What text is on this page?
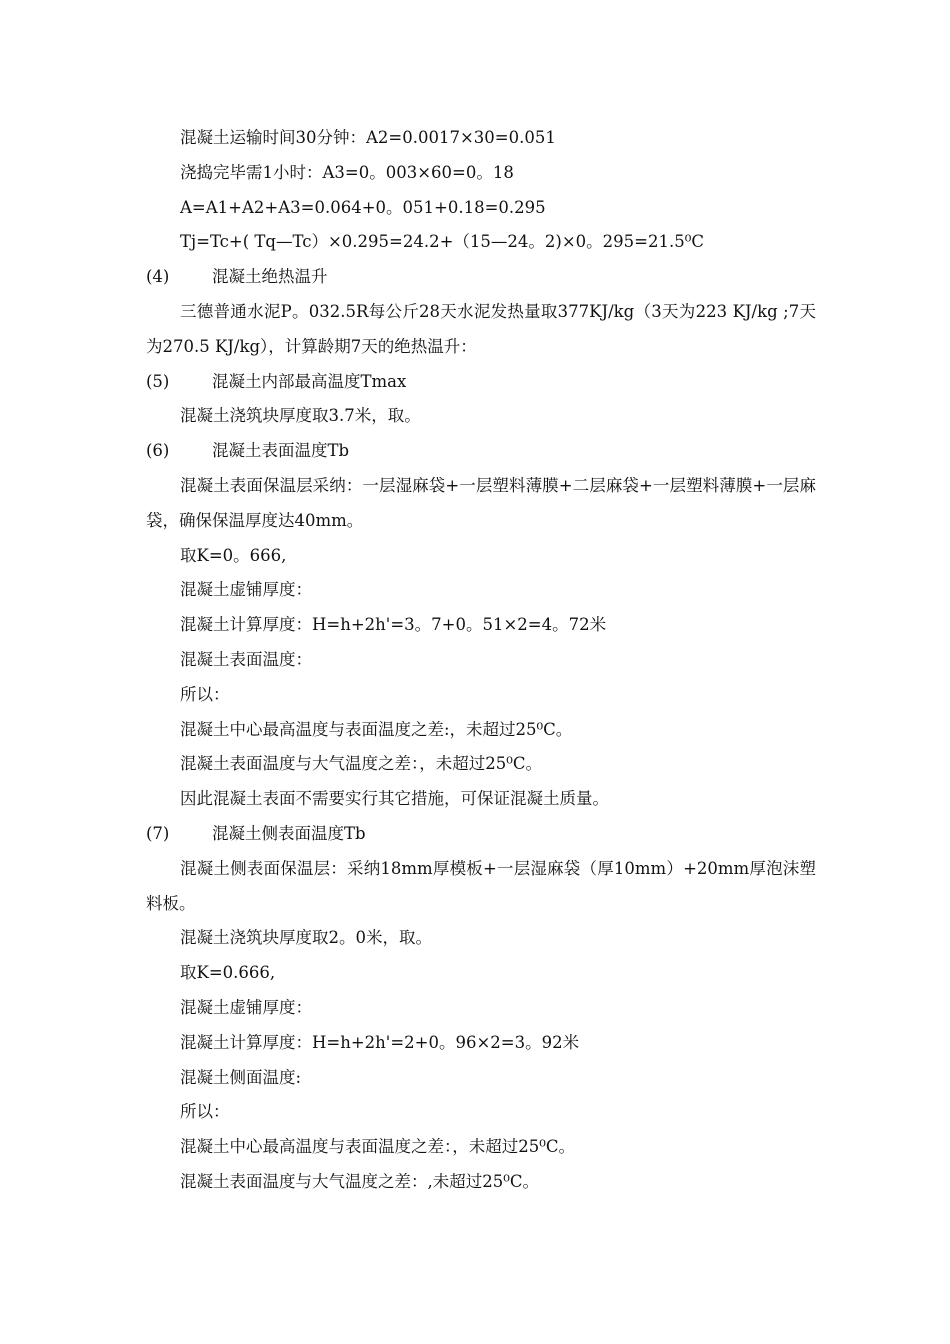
混凝土运输时间30分钟：A2=0.0017×30=0.051
浇捣完毕需1小时：A3=0。003×60=0。18
A=A1+A2+A3=0.064+0。051+0.18=0.295
Tj=Tc+( Tq—Tc）×0.295=24.2+（15—24。2)×0。295=21.5⁰C
(4)	混凝土绝热温升
三德普通水泥P。032.5R每公斤28天水泥发热量取377KJ/kg（3天为223 KJ/kg ;7天为270.5 KJ/kg），计算龄期7天的绝热温升：
(5)	混凝土内部最高温度Tmax
混凝土浇筑块厚度取3.7米，取。
(6)	混凝土表面温度Tb
混凝土表面保温层采纳：一层湿麻袋+一层塑料薄膜+二层麻袋+一层塑料薄膜+一层麻袋，确保保温厚度达40mm。
取K=0。666,
混凝土虚铺厚度：
混凝土计算厚度：H=h+2h'=3。7+0。51×2=4。72米
混凝土表面温度：
所以：
混凝土中心最高温度与表面温度之差:，未超过25⁰C。
混凝土表面温度与大气温度之差：，未超过25⁰C。
因此混凝土表面不需要实行其它措施，可保证混凝土质量。
(7)	混凝土侧表面温度Tb
混凝土侧表面保温层：采纳18mm厚模板+一层湿麻袋（厚10mm）+20mm厚泡沫塑料板。
混凝土浇筑块厚度取2。0米，取。
取K=0.666,
混凝土虚铺厚度：
混凝土计算厚度：H=h+2h'=2+0。96×2=3。92米
混凝土侧面温度:
所以：
混凝土中心最高温度与表面温度之差：，未超过25⁰C。
混凝土表面温度与大气温度之差：,未超过25⁰C。
